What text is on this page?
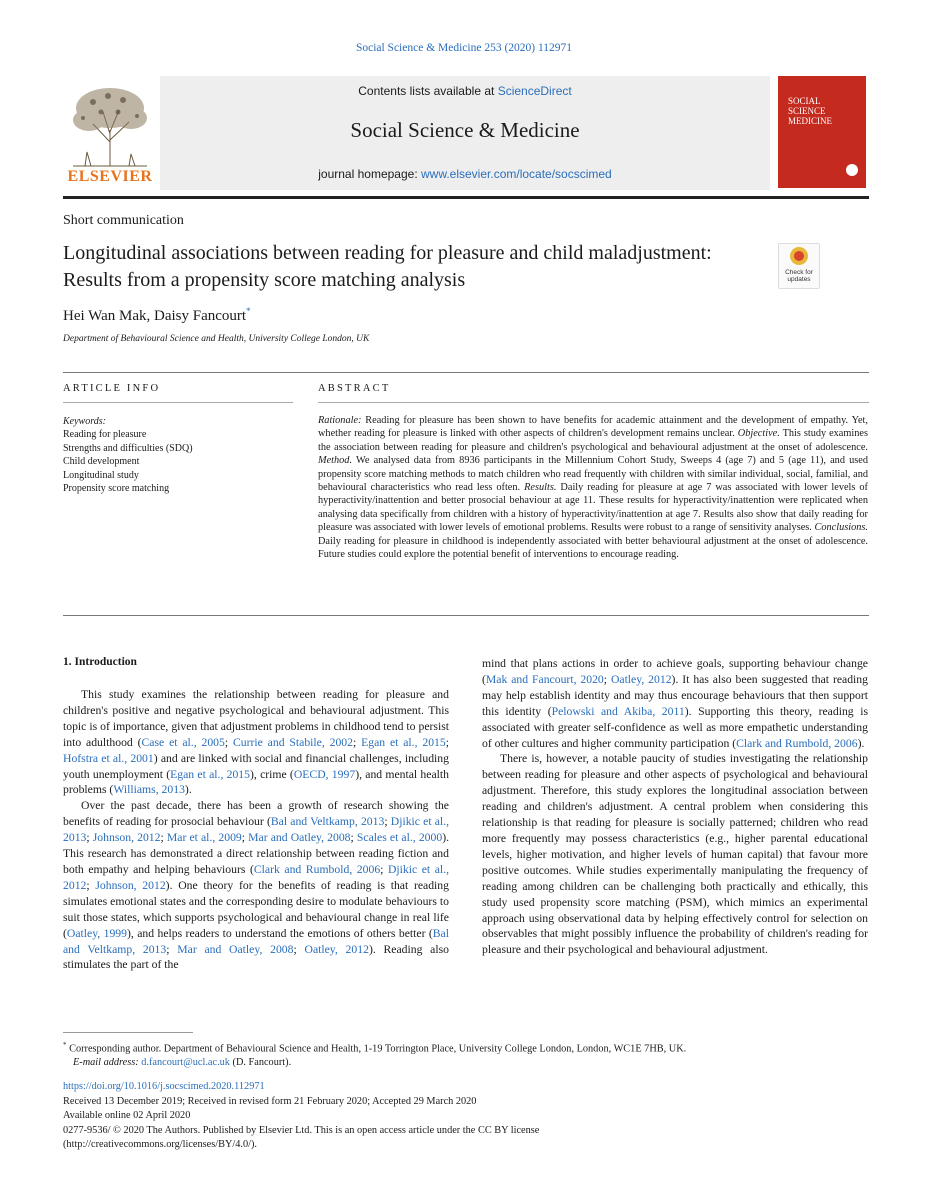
Social Science & Medicine 253 (2020) 112971
ELSEVIER
Contents lists available at ScienceDirect
Social Science & Medicine
journal homepage: www.elsevier.com/locate/socscimed
SOCIAL
SCIENCE
MEDICINE
Short communication
Longitudinal associations between reading for pleasure and child maladjustment: Results from a propensity score matching analysis	Check for updates
Hei Wan Mak, Daisy Fancourt*
Department of Behavioural Science and Health, University College London, UK
ARTICLE INFO	ABSTRACT
Keywords:
Reading for pleasure
Strengths and difficulties (SDQ)
Child development
Longitudinal study
Propensity score matching
Rationale: Reading for pleasure has been shown to have benefits for academic attainment and the development of empathy. Yet, whether reading for pleasure is linked with other aspects of children's development remains unclear. Objective. This study examines the association between reading for pleasure and children's psychological and behavioural adjustment at the onset of adolescence. Method. We analysed data from 8936 participants in the Millennium Cohort Study, Sweeps 4 (age 7) and 5 (age 11), and used propensity score matching methods to match children who read frequently with children with similar individual, social, familial, and behavioural characteristics who read less often. Results. Daily reading for pleasure at age 7 was associated with lower levels of hyperactivity/inattention and better prosocial behaviour at age 11. These results for hyperactivity/inattention were replicated when analysing data specifically from children with a history of hyperactivity/inattention at age 7. Results also show that daily reading for pleasure was associated with lower levels of emotional problems. Results were robust to a range of sensitivity analyses. Conclusions. Daily reading for pleasure in childhood is independently associated with better behavioural adjustment at the onset of adolescence. Future studies could explore the potential benefit of interventions to encourage reading.
1. Introduction

This study examines the relationship between reading for pleasure and children's positive and negative psychological and behavioural adjustment. This topic is of importance, given that adjustment problems in childhood tend to persist into adulthood (Case et al., 2005; Currie and Stabile, 2002; Egan et al., 2015; Hofstra et al., 2001) and are linked with social and financial challenges, including youth unemployment (Egan et al., 2015), crime (OECD, 1997), and mental health problems (Williams, 2013).

Over the past decade, there has been a growth of research showing the benefits of reading for prosocial behaviour (Bal and Veltkamp, 2013; Djikic et al., 2013; Johnson, 2012; Mar et al., 2009; Mar and Oatley, 2008; Scales et al., 2000). This research has demonstrated a direct relationship between reading fiction and both empathy and helping behaviours (Clark and Rumbold, 2006; Djikic et al., 2012; Johnson, 2012). One theory for the benefits of reading is that reading simulates emotional states and the corresponding desire to modulate behaviours to suit those states, which supports psychological and behavioural change in real life (Oatley, 1999), and helps readers to understand the emotions of others better (Bal and Veltkamp, 2013; Mar and Oatley, 2008; Oatley, 2012). Reading also stimulates the part of the

mind that plans actions in order to achieve goals, supporting behaviour change (Mak and Fancourt, 2020; Oatley, 2012). It has also been suggested that reading may help establish identity and may thus encourage behaviours that then support this identity (Pelowski and Akiba, 2011). Supporting this theory, reading is associated with greater self-confidence as well as more empathetic understanding of other cultures and higher community participation (Clark and Rumbold, 2006).

There is, however, a notable paucity of studies investigating the relationship between reading for pleasure and other aspects of psychological and behavioural adjustment. Therefore, this study explores the longitudinal association between reading and children's adjustment. A central problem when considering this relationship is that reading for pleasure is socially patterned; children who read more frequently may possess characteristics (e.g., higher parental educational levels, higher motivation, and higher levels of human capital) that favour more positive outcomes. While studies experimentally manipulating the frequency of reading among children can be challenging both practically and ethically, this study used propensity score matching (PSM), which mimics an experimental approach using observational data by helping effectively control for selection on observables that might possibly influence the probability of children's reading for pleasure and their psychological and behavioural adjustment.

* Corresponding author. Department of Behavioural Science and Health, 1-19 Torrington Place, University College London, London, WC1E 7HB, UK.
E-mail address: d.fancourt@ucl.ac.uk (D. Fancourt).
https://doi.org/10.1016/j.socscimed.2020.112971
Received 13 December 2019; Received in revised form 21 February 2020; Accepted 29 March 2020
Available online 02 April 2020
0277-9536/ © 2020 The Authors. Published by Elsevier Ltd. This is an open access article under the CC BY license
(http://creativecommons.org/licenses/BY/4.0/).
